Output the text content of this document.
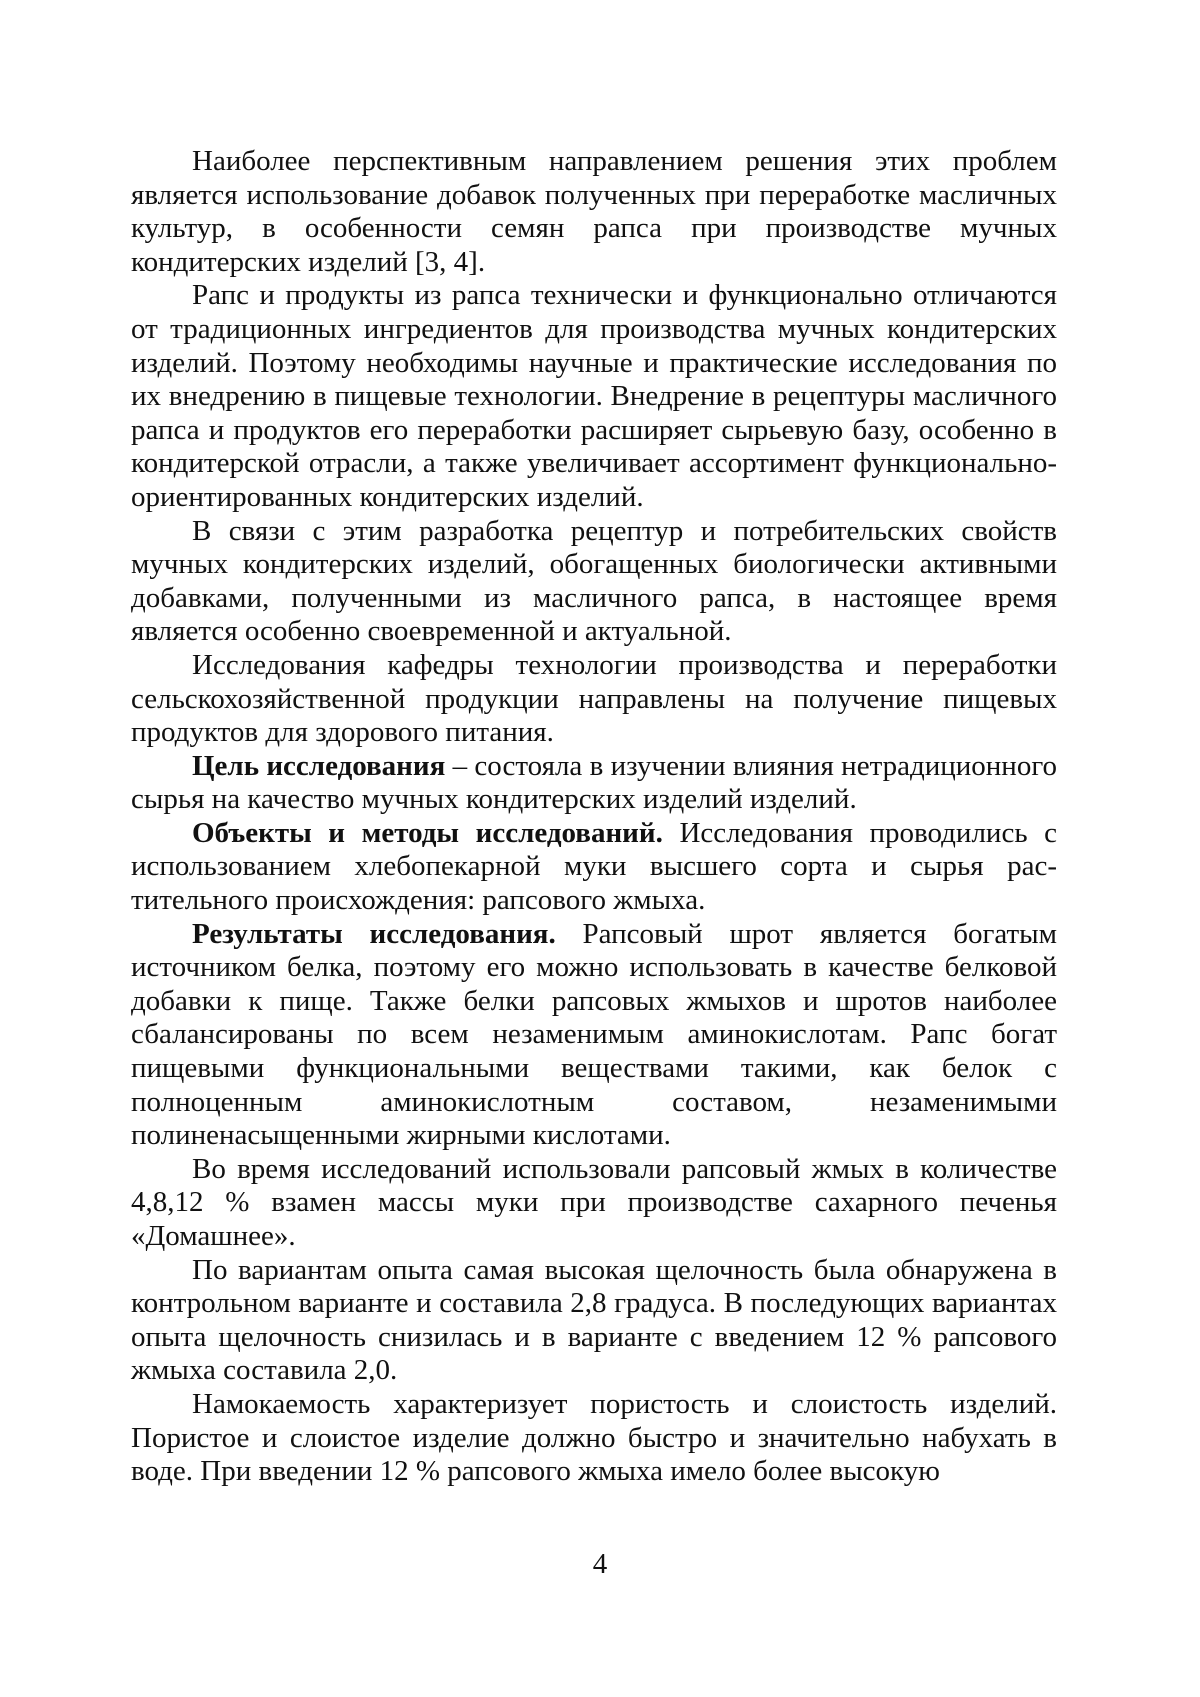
Наиболее перспективным направлением решения этих проблем является использование добавок полученных при переработке масличных культур, в особенности семян рапса при производстве мучных кондитерских изделий [3, 4].

Рапс и продукты из рапса технически и функционально отличаются от традиционных ингредиентов для производства мучных кондитерских изделий. Поэтому необходимы научные и практические исследования по их внедрению в пищевые технологии. Внедрение в рецептуры масличного рапса и продуктов его переработки расширяет сырьевую базу, особенно в кондитерской отрасли, а также увеличивает ассортимент функционально-ориентированных кондитерских изделий.

В связи с этим разработка рецептур и потребительских свойств мучных кондитерских изделий, обогащенных биологически активными добавками, полученными из масличного рапса, в настоящее время является особенно своевременной и актуальной.

Исследования кафедры технологии производства и переработки сельскохозяйственной продукции направлены на получение пищевых продуктов для здорового питания.

Цель исследования – состояла в изучении влияния нетрадиционного сырья на качество мучных кондитерских изделий изделий.

Объекты и методы исследований. Исследования проводились с использованием хлебопекарной муки высшего сорта и сырья растительного происхождения: рапсового жмыха.

Результаты исследования. Рапсовый шрот является богатым источником белка, поэтому его можно использовать в качестве белковой добавки к пище. Также белки рапсовых жмыхов и шротов наиболее сбалансированы по всем незаменимым аминокислотам. Рапс богат пищевыми функциональными веществами такими, как белок с полноценным аминокислотным составом, незаменимыми полиненасыщенными жирными кислотами.

Во время исследований использовали рапсовый жмых в количестве 4,8,12 % взамен массы муки при производстве сахарного печенья «Домашнее».

По вариантам опыта самая высокая щелочность была обнаружена в контрольном варианте и составила 2,8 градуса. В последующих вариантах опыта щелочность снизилась и в варианте с введением 12 % рапсового жмыха составила 2,0.

Намокаемость характеризует пористость и слоистость изделий. Пористое и слоистое изделие должно быстро и значительно набухать в воде. При введении 12 % рапсового жмыха имело более высокую

4
